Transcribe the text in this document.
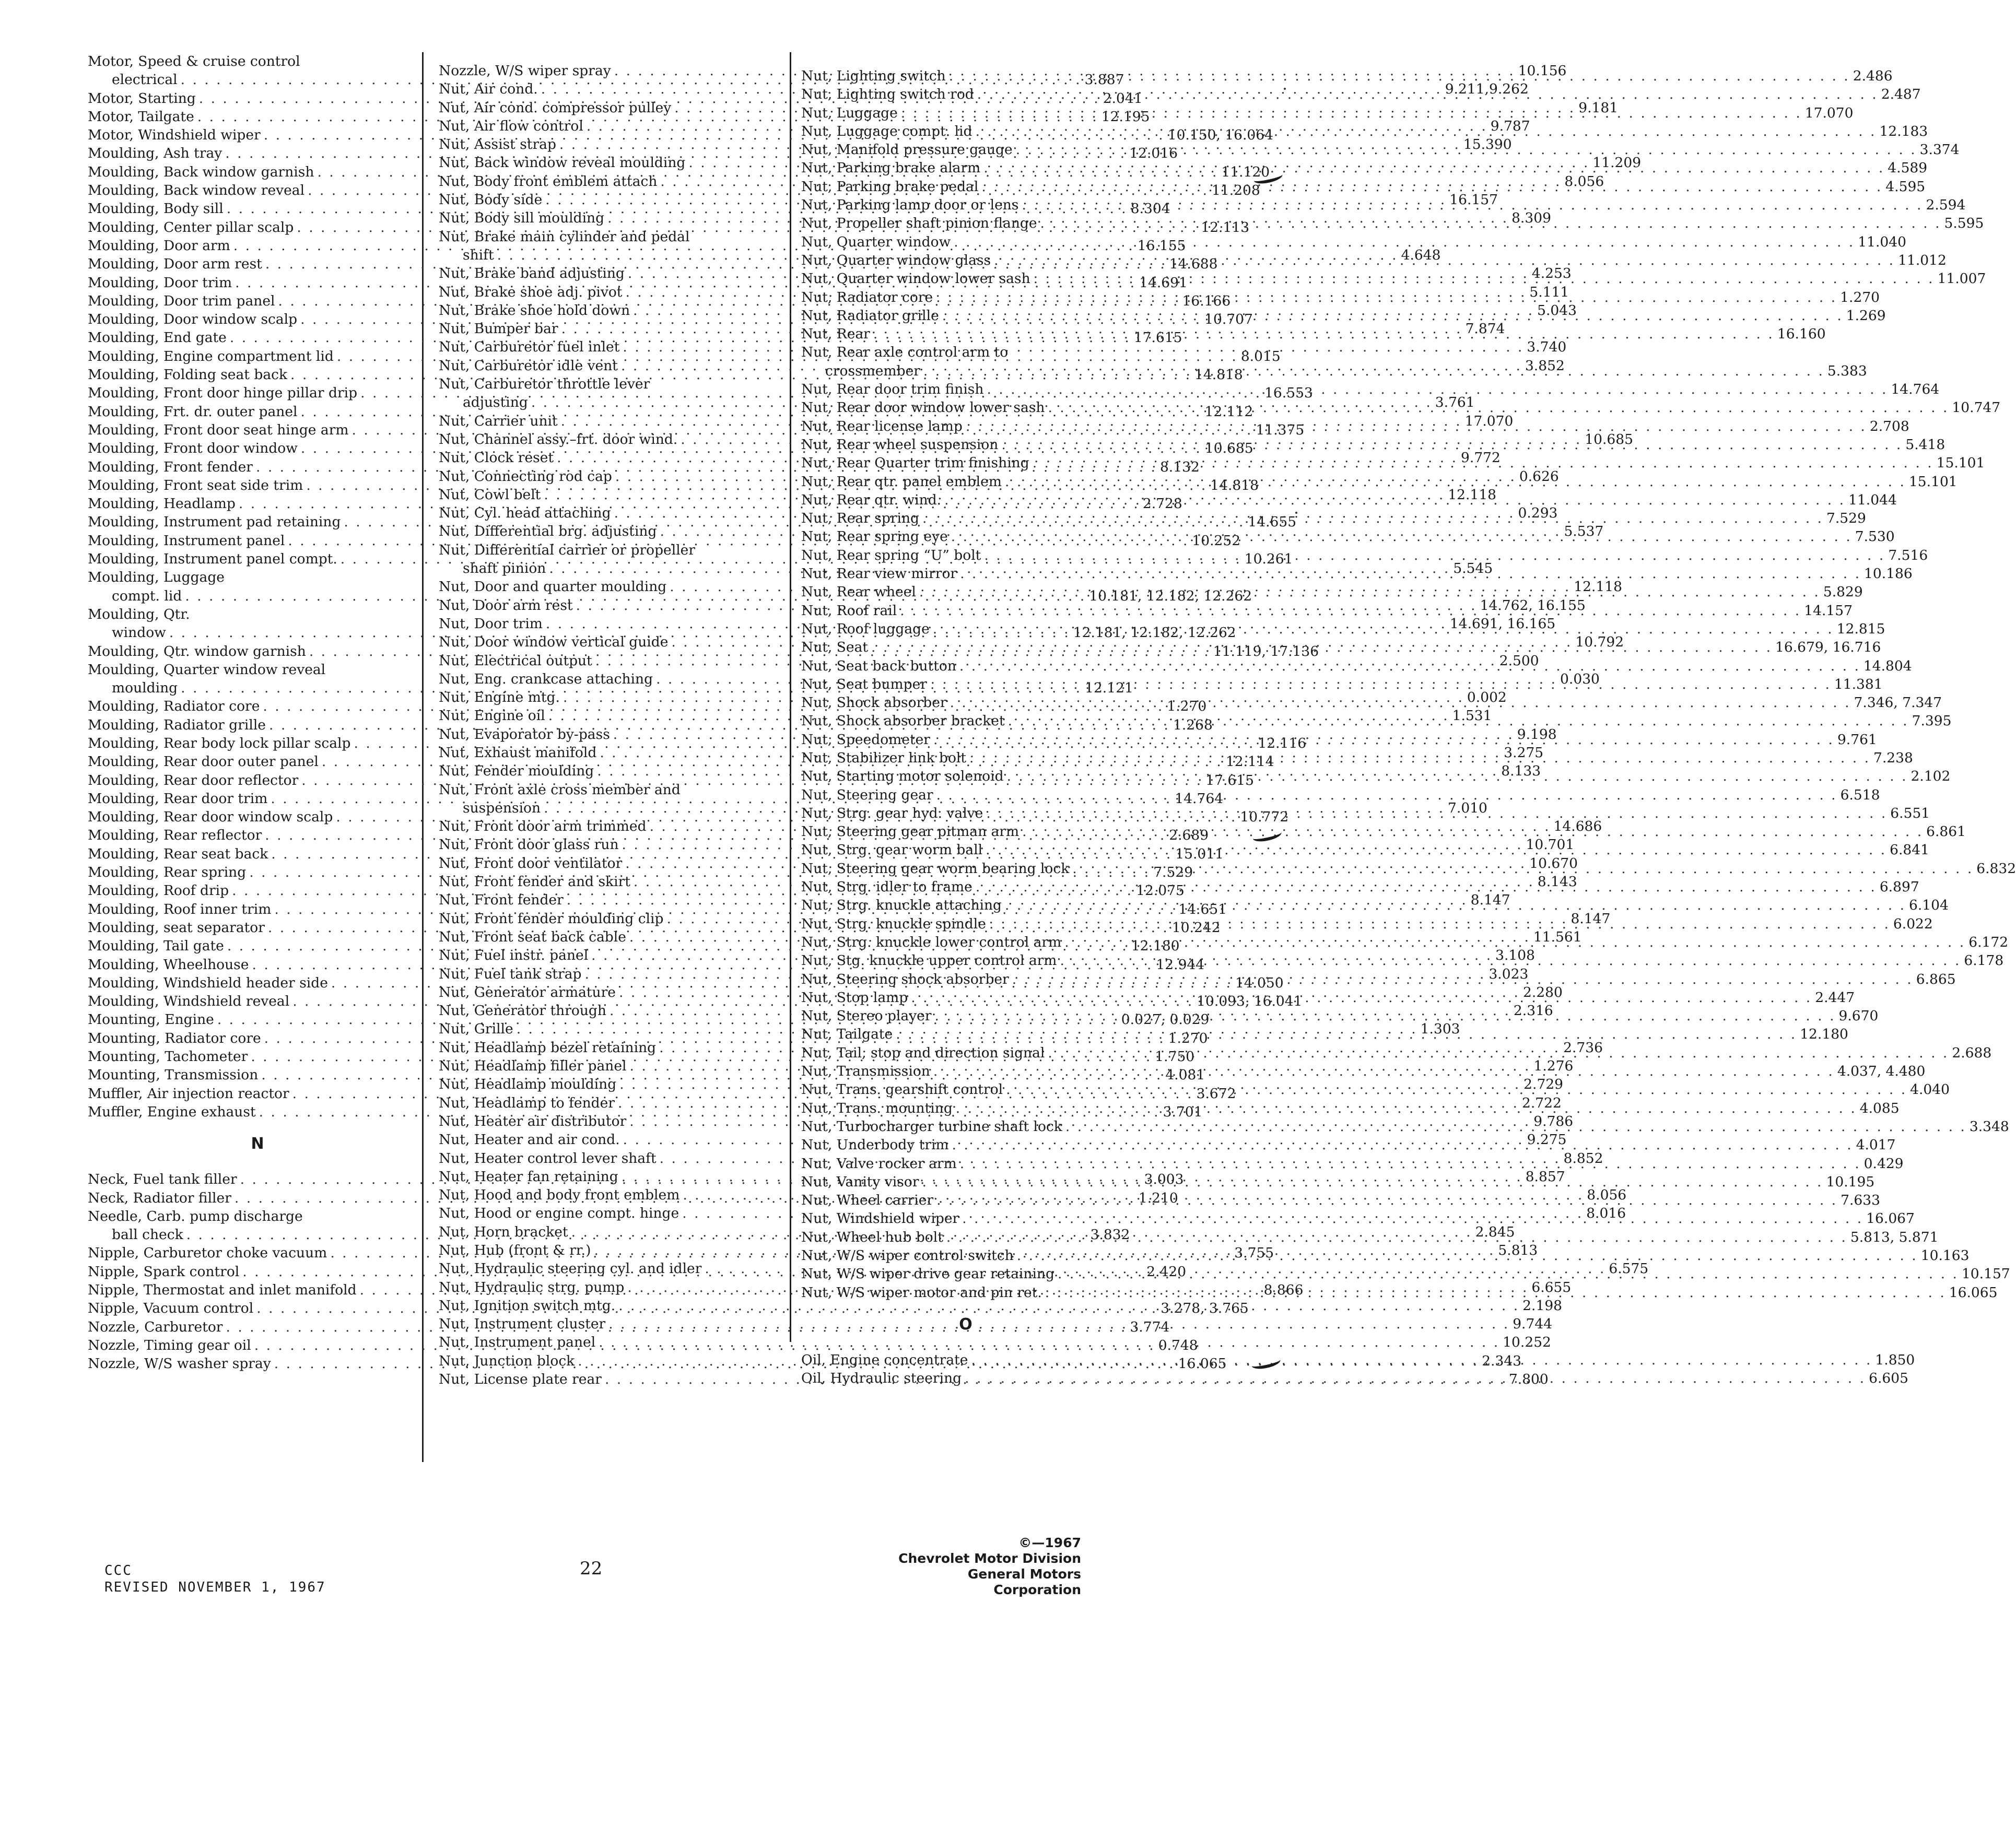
Motor, Speed & cruise control
electrical . . .	3.887
Motor, Starting . . .	2.041
Motor, Tailgate . . .	12.195
Motor, Windshield wiper . . .	10.150, 16.064
Moulding, Ash tray . . .	12.016
Moulding, Back window garnish . . .	11.120
Moulding, Back window reveal . . .	11.208
Moulding, Body sill . . .	8.304
Moulding, Center pillar scalp . . .	12.113
Moulding, Door arm . . .	16.155
Moulding, Door arm rest . . .	14.688
Moulding, Door trim . . .	14.691
Moulding, Door trim panel . . .	16.166
Moulding, Door window scalp . . .	10.707
Moulding, End gate . . .	17.615
Moulding, Engine compartment lid . . .	8.015
Moulding, Folding seat back . . .	14.818
Moulding, Front door hinge pillar drip . . .	16.553
Moulding, Frt. dr. outer panel . . .	12.112
Moulding, Front door seat hinge arm . . .	11.375
Moulding, Front door window . . .	10.685
Moulding, Front fender . . .	8.132
Moulding, Front seat side trim . . .	14.818
Moulding, Headlamp . . .	2.728
Moulding, Instrument pad retaining . . .	14.655
Moulding, Instrument panel . . .	10.252
Moulding, Instrument panel compt. . . .	10.261
Moulding, Luggage
compt. lid . . .	10.181, 12.182, 12.262
Moulding, Qtr.
window . . .	12.181, 12.182, 12.262
Moulding, Qtr. window garnish . . .	11.119, 17.136
Moulding, Quarter window reveal
moulding . . .	12.121
Moulding, Radiator core . . .	1.270
Moulding, Radiator grille . . .	1.268
Moulding, Rear body lock pillar scalp . . .	12.116
Moulding, Rear door outer panel . . .	12.114
Moulding, Rear door reflector . . .	17.615
Moulding, Rear door trim . . .	14.764
Moulding, Rear door window scalp . . .	10.772
Moulding, Rear reflector . . .	2.689
Moulding, Rear seat back . . .	15.011
Moulding, Rear spring . . .	7.529
Moulding, Roof drip . . .	12.075
Moulding, Roof inner trim . . .	14.651
Moulding, seat separator . . .	10.242
Moulding, Tail gate . . .	12.180
Moulding, Wheelhouse . . .	12.944
Moulding, Windshield header side . . .	14.050
Moulding, Windshield reveal . . .	10.093, 16.041
Mounting, Engine . . .	0.027, 0.029
Mounting, Radiator core . . .	1.270
Mounting, Tachometer . . .	1.750
Mounting, Transmission . . .	4.081
Muffler, Air injection reactor . . .	3.672
Muffler, Engine exhaust . . .	3.701
N
Neck, Fuel tank filler . . .	3.003
Neck, Radiator filler . . .	1.210
Needle, Carb. pump discharge
ball check . . .	3.832
Nipple, Carburetor choke vacuum . . .	3.755
Nipple, Spark control . . .	2.420
Nipple, Thermostat and inlet manifold . . .	8.866
Nipple, Vacuum control . . .	3.278, 3.765
Nozzle, Carburetor . . .	3.774
Nozzle, Timing gear oil . . .	0.748
Nozzle, W/S washer spray . . .	16.065
Nozzle, W/S wiper spray . . .	10.156
Nut, Air cond. . . .	9.211,9.262
Nut, Air cond. compressor pulley . . .	9.181
Nut, Air flow control . . .	9.787
Nut, Assist strap . . .	15.390
Nut, Back window reveal moulding . . .	11.209
Nut, Body front emblem attach . . .	8.056
Nut, Body side . . .	16.157
Nut, Body sill moulding . . .	8.309
Nut, Brake main cylinder and pedal
shift . . .	4.648
Nut, Brake band adjusting . . .	4.253
Nut, Brake shoe adj. pivot . . .	5.111
Nut, Brake shoe hold down . . .	5.043
Nut, Bumper bar . . .	7.874
Nut, Carburetor fuel inlet . . .	3.740
Nut, Carburetor idle vent . . .	3.852
Nut, Carburetor throttle lever
adjusting . . .	3.761
Nut, Carrier unit . . .	17.070
Nut, Channel assy.–frt. door wind. . . .	10.685
Nut, Clock reset . . .	9.772
Nut, Connecting rod cap . . .	0.626
Nut, Cowl belt . . .	12.118
Nut, Cyl. head attaching . . .	0.293
Nut, Differential brg. adjusting . . .	5.537
Nut, Differential carrier or propeller
shaft pinion . . .	5.545
Nut, Door and quarter moulding . . .	12.118
Nut, Door arm rest . . .	14.762, 16.155
Nut, Door trim . . .	14.691, 16.165
Nut, Door window vertical guide . . .	10.792
Nut, Electrical output . . .	2.500
Nut, Eng. crankcase attaching . . .	0.030
Nut, Engine mtg. . . .	0.002
Nut, Engine oil . . .	1.531
Nut, Evaporator by-pass . . .	9.198
Nut, Exhaust manifold . . .	3.275
Nut, Fender moulding . . .	8.133
Nut, Front axle cross member and
suspension . . .	7.010
Nut, Front door arm trimmed . . .	14.686
Nut, Front door glass run . . .	10.701
Nut, Front door ventilator . . .	10.670
Nut, Front fender and skirt . . .	8.143
Nut, Front fender . . .	8.147
Nut, Front fender moulding clip . . .	8.147
Nut, Front seat back cable . . .	11.561
Nut, Fuel instr. panel . . .	3.108
Nut, Fuel tank strap . . .	3.023
Nut, Generator armature . . .	2.280
Nut, Generator through . . .	2.316
Nut, Grille . . .	1.303
Nut, Headlamp bezel retaining . . .	2.736
Nut, Headlamp filler panel . . .	1.276
Nut, Headlamp moulding . . .	2.729
Nut, Headlamp to fender . . .	2.722
Nut, Heater air distributor . . .	9.786
Nut, Heater and air cond. . . .	9.275
Nut, Heater control lever shaft . . .	8.852
Nut, Heater fan retaining . . .	8.857
Nut, Hood and body front emblem . . .	8.056
Nut, Hood or engine compt. hinge . . .	8.016
Nut, Horn bracket . . .	2.845
Nut, Hub (front & rr.) . . .	5.813
Nut, Hydraulic steering cyl. and idler . . .	6.575
Nut, Hydraulic strg. pump . . .	6.655
Nut, Ignition switch mtg. . . .	2.198
Nut, Instrument cluster . . .	9.744
Nut, Instrument panel . . .	10.252
Nut, Junction block . . .	2.343
Nut, License plate rear . . .	7.800
Nut, Lighting switch . . .	2.486
Nut, Lighting switch rod . . .	2.487
Nut, Luggage . . .	17.070
Nut, Luggage compt. lid . . .	12.183
Nut, Manifold pressure gauge . . .	3.374
Nut, Parking brake alarm . . .	4.589
Nut, Parking brake pedal . . .	4.595
Nut, Parking lamp door or lens . . .	2.594
Nut, Propeller shaft pinion flange . . .	5.595
Nut, Quarter window . . .	11.040
Nut, Quarter window glass . . .	11.012
Nut, Quarter window lower sash . . .	11.007
Nut, Radiator core . . .	1.270
Nut, Radiator grille . . .	1.269
Nut, Rear . . .	16.160
Nut, Rear axle control arm to
crossmember . . .	5.383
Nut, Rear door trim finish . . .	14.764
Nut, Rear door window lower sash . . .	10.747
Nut, Rear license lamp . . .	2.708
Nut, Rear wheel suspension . . .	5.418
Nut, Rear Quarter trim finishing . . .	15.101
Nut, Rear qtr. panel emblem . . .	15.101
Nut, Rear qtr. wind. . . .	11.044
Nut, Rear spring . . .	7.529
Nut, Rear spring eye . . .	7.530
Nut, Rear spring “U” bolt . . .	7.516
Nut, Rear view mirror . . .	10.186
Nut, Rear wheel . . .	5.829
Nut, Roof rail . . .	14.157
Nut, Roof luggage . . .	12.815
Nut, Seat . . .	16.679, 16.716
Nut, Seat back button . . .	14.804
Nut, Seat bumper . . .	11.381
Nut, Shock absorber . . .	7.346, 7.347
Nut, Shock absorber bracket . . .	7.395
Nut, Speedometer . . .	9.761
Nut, Stabilizer link bolt . . .	7.238
Nut, Starting motor solenoid . . .	2.102
Nut, Steering gear . . .	6.518
Nut, Strg. gear hyd. valve . . .	6.551
Nut, Steering gear pitman arm . . .	6.861
Nut, Strg. gear worm ball . . .	6.841
Nut, Steering gear worm bearing lock . . .	6.832
Nut, Strg. idler to frame . . .	6.897
Nut, Strg. knuckle attaching . . .	6.104
Nut, Strg. knuckle spindle . . .	6.022
Nut, Strg. knuckle lower control arm . . .	6.172
Nut, Stg. knuckle upper control arm . . .	6.178
Nut, Steering shock absorber . . .	6.865
Nut, Stop lamp . . .	2.447
Nut, Stereo player . . .	9.670
Nut, Tailgate . . .	12.180
Nut, Tail, stop and direction signal . . .	2.688
Nut, Transmission . . .	4.037, 4.480
Nut, Trans. gearshift control . . .	4.040
Nut, Trans. mounting . . .	4.085
Nut, Turbocharger turbine shaft lock . . .	3.348
Nut, Underbody trim . . .	4.017
Nut, Valve rocker arm . . .	0.429
Nut, Vanity visor . . .	10.195
Nut, Wheel carrier . . .	7.633
Nut, Windshield wiper . . .	16.067
Nut, Wheel hub bolt . . .	5.813, 5.871
Nut, W/S wiper control switch . . .	10.163
Nut, W/S wiper drive gear retaining . . .	10.157
Nut, W/S wiper motor and pin ret. . . .	16.065
O
Oil, Engine concentrate . . .	1.850
Oil, Hydraulic steering . . .	6.605
CCC
REVISED NOVEMBER 1, 1967
22
©—1967
Chevrolet Motor Division
General Motors Corporation
